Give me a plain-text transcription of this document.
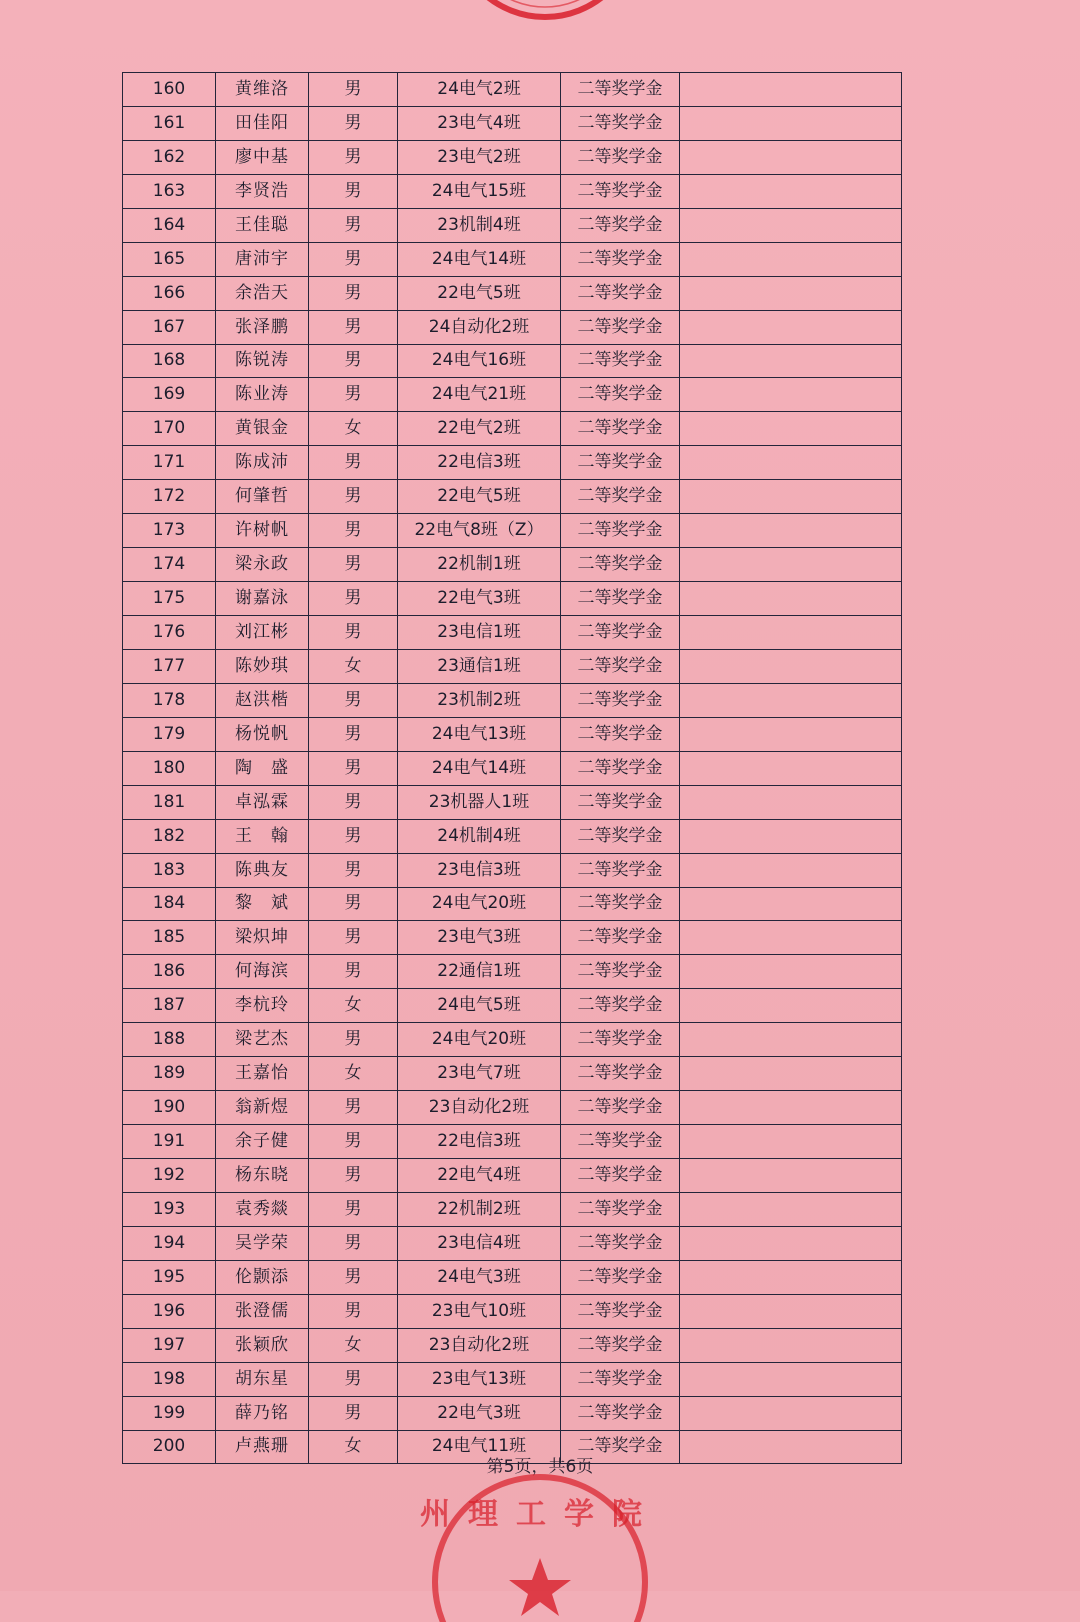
160	黄维洛	男	24电气2班	二等奖学金	
161	田佳阳	男	23电气4班	二等奖学金	
162	廖中基	男	23电气2班	二等奖学金	
163	李贤浩	男	24电气15班	二等奖学金	
164	王佳聪	男	23机制4班	二等奖学金	
165	唐沛宇	男	24电气14班	二等奖学金	
166	余浩天	男	22电气5班	二等奖学金	
167	张泽鹏	男	24自动化2班	二等奖学金	
168	陈锐涛	男	24电气16班	二等奖学金	
169	陈业涛	男	24电气21班	二等奖学金	
170	黄银金	女	22电气2班	二等奖学金	
171	陈成沛	男	22电信3班	二等奖学金	
172	何肇哲	男	22电气5班	二等奖学金	
173	许树帆	男	22电气8班（Z）	二等奖学金	
174	梁永政	男	22机制1班	二等奖学金	
175	谢嘉泳	男	22电气3班	二等奖学金	
176	刘江彬	男	23电信1班	二等奖学金	
177	陈妙琪	女	23通信1班	二等奖学金	
178	赵洪楷	男	23机制2班	二等奖学金	
179	杨悦帆	男	24电气13班	二等奖学金	
180	陶　盛	男	24电气14班	二等奖学金	
181	卓泓霖	男	23机器人1班	二等奖学金	
182	王　翰	男	24机制4班	二等奖学金	
183	陈典友	男	23电信3班	二等奖学金	
184	黎　斌	男	24电气20班	二等奖学金	
185	梁炽坤	男	23电气3班	二等奖学金	
186	何海滨	男	22通信1班	二等奖学金	
187	李杭玲	女	24电气5班	二等奖学金	
188	梁艺杰	男	24电气20班	二等奖学金	
189	王嘉怡	女	23电气7班	二等奖学金	
190	翁新煜	男	23自动化2班	二等奖学金	
191	余子健	男	22电信3班	二等奖学金	
192	杨东晓	男	22电气4班	二等奖学金	
193	袁秀燚	男	22机制2班	二等奖学金	
194	吴学荣	男	23电信4班	二等奖学金	
195	伦颢添	男	24电气3班	二等奖学金	
196	张澄儒	男	23电气10班	二等奖学金	
197	张颖欣	女	23自动化2班	二等奖学金	
198	胡东星	男	23电气13班	二等奖学金	
199	薛乃铭	男	22电气3班	二等奖学金	
200	卢燕珊	女	24电气11班	二等奖学金	
第5页，共6页
州理工学院
